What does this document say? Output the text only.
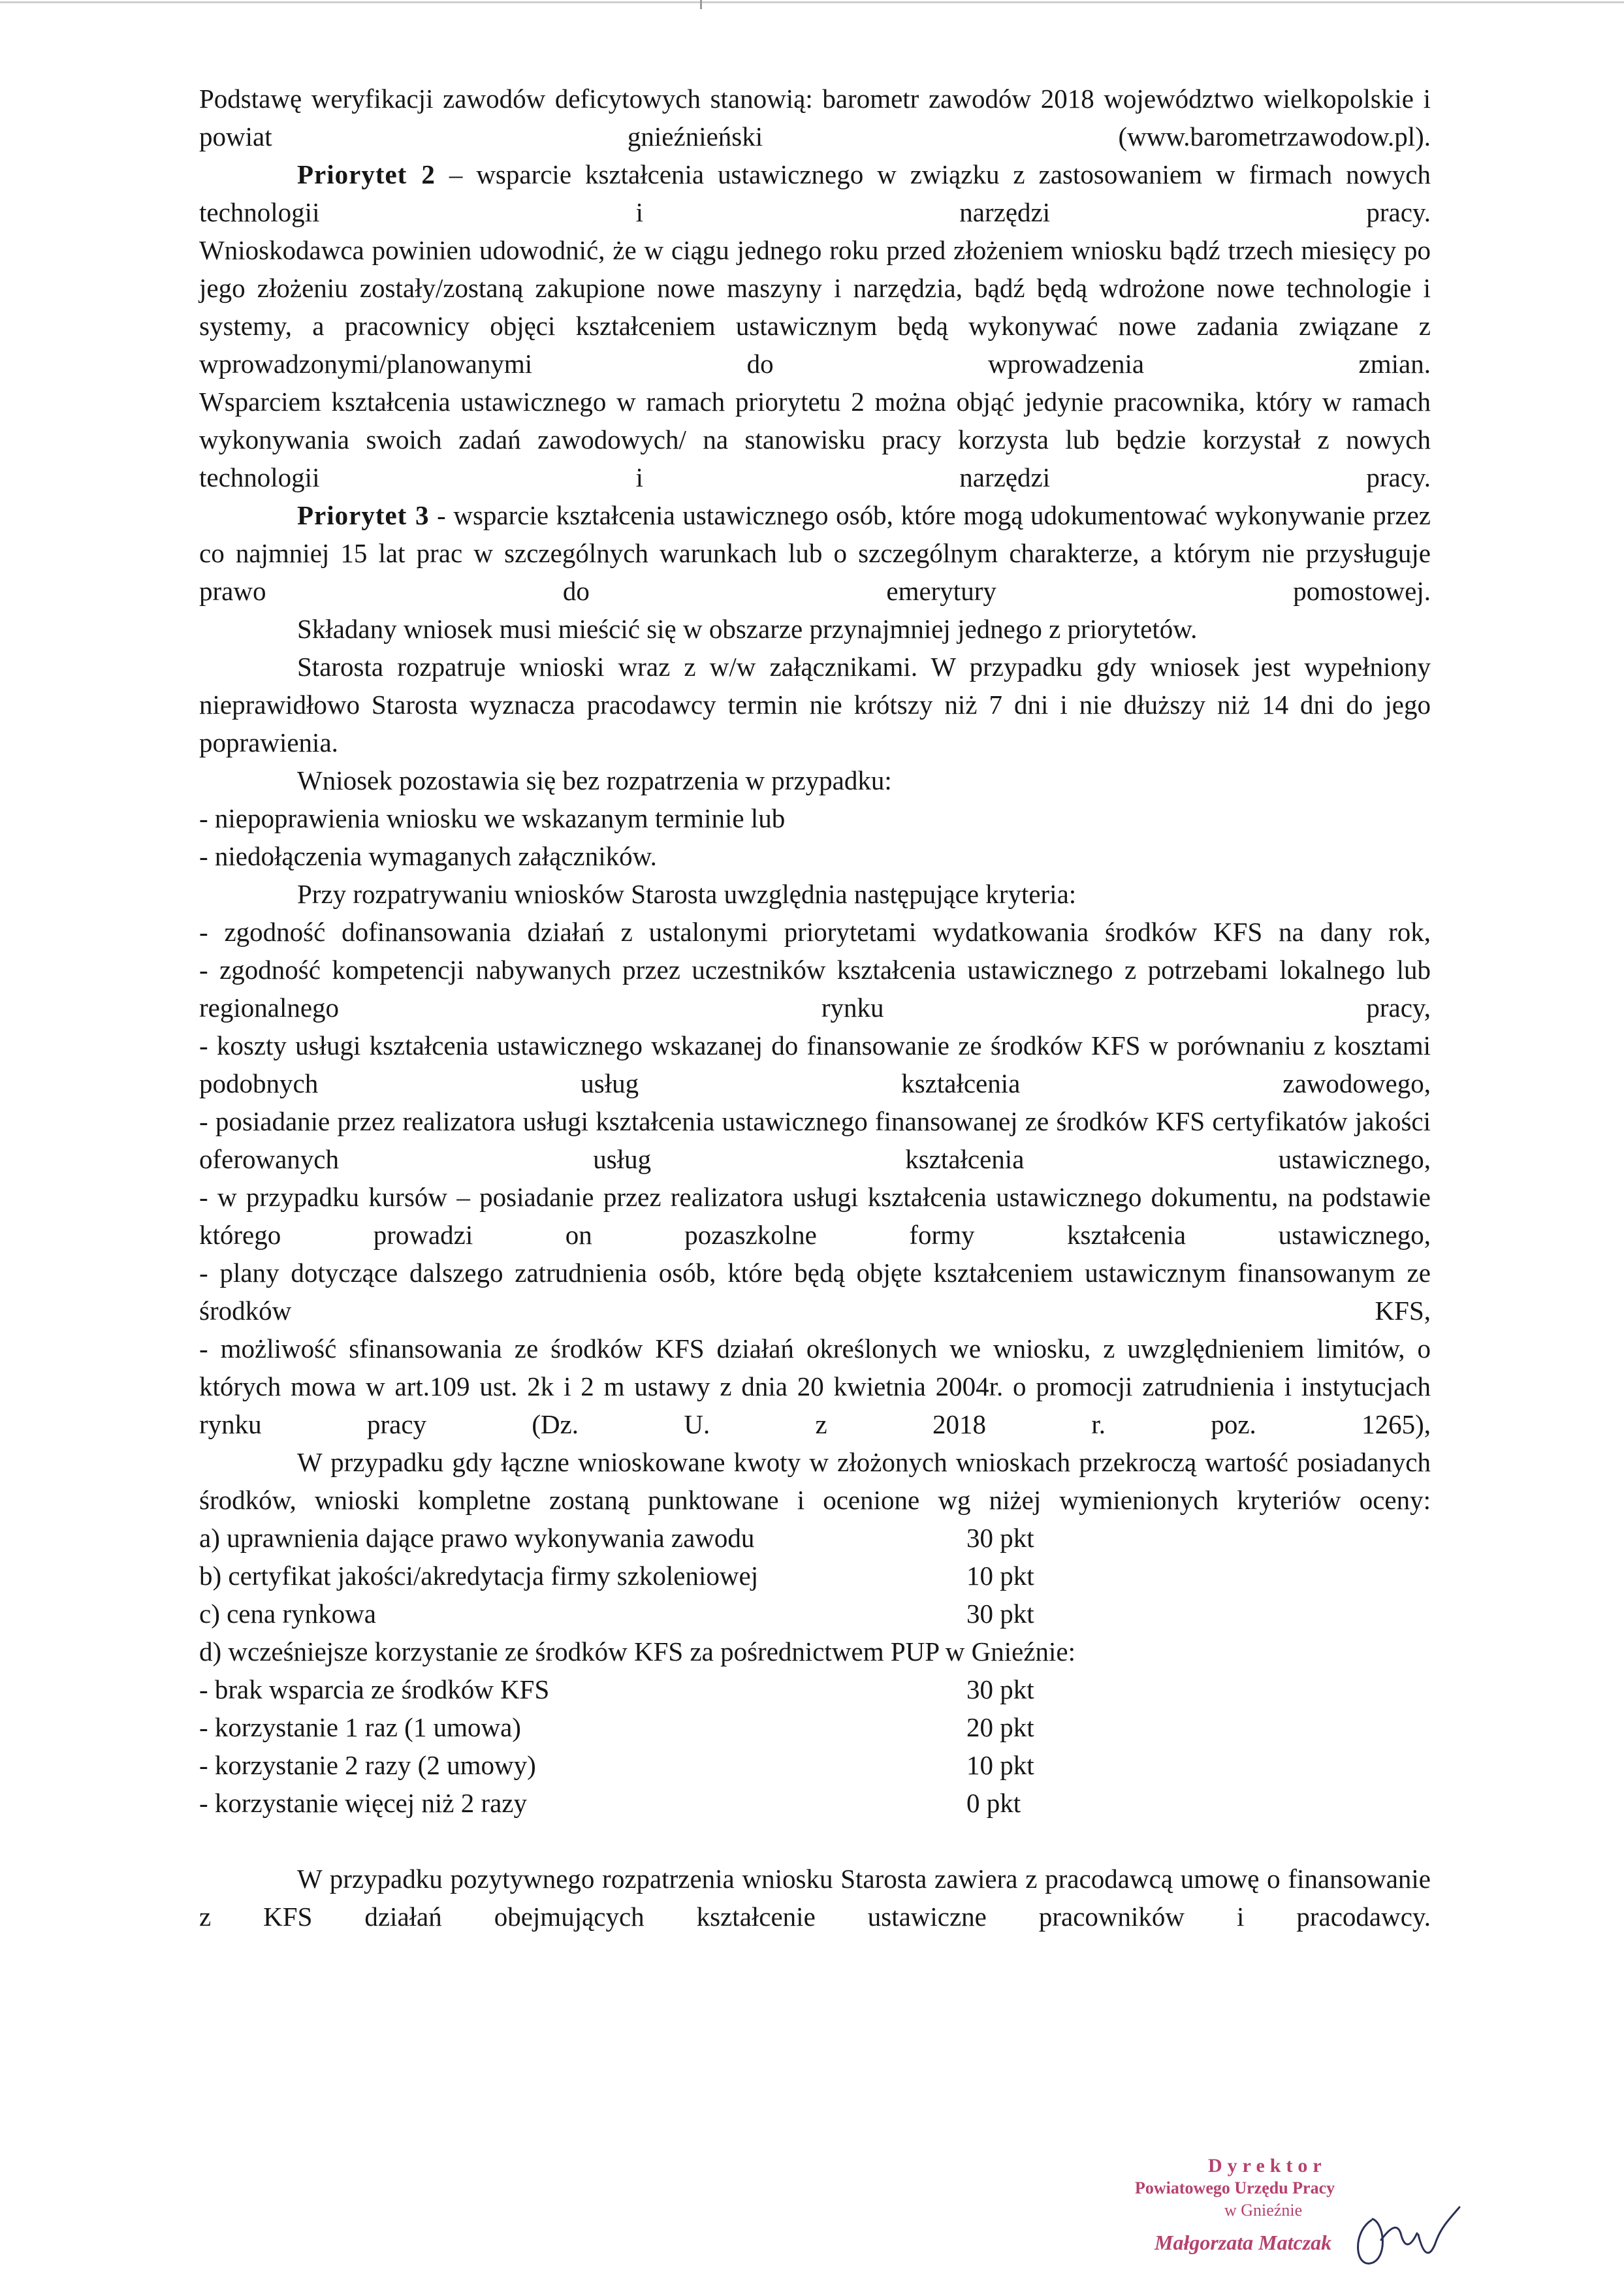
Podstawę weryfikacji zawodów deficytowych stanowią: barometr zawodów 2018 województwo wielkopolskie i powiat gnieźnieński (www.barometrzawodow.pl).

Priorytet 2 – wsparcie kształcenia ustawicznego w związku z zastosowaniem w firmach nowych technologii i narzędzi pracy.

Wnioskodawca powinien udowodnić, że w ciągu jednego roku przed złożeniem wniosku bądź trzech miesięcy po jego złożeniu zostały/zostaną zakupione nowe maszyny i narzędzia, bądź będą wdrożone nowe technologie i systemy, a pracownicy objęci kształceniem ustawicznym będą wykonywać nowe zadania związane z wprowadzonymi/planowanymi do wprowadzenia zmian.

Wsparciem kształcenia ustawicznego w ramach priorytetu 2 można objąć jedynie pracownika, który w ramach wykonywania swoich zadań zawodowych/ na stanowisku pracy korzysta lub będzie korzystał z nowych technologii i narzędzi pracy.

Priorytet 3 - wsparcie kształcenia ustawicznego osób, które mogą udokumentować wykonywanie przez co najmniej 15 lat prac w szczególnych warunkach lub o szczególnym charakterze, a którym nie przysługuje prawo do emerytury pomostowej.

Składany wniosek musi mieścić się w obszarze przynajmniej jednego z priorytetów.

Starosta rozpatruje wnioski wraz z w/w załącznikami. W przypadku gdy wniosek jest wypełniony nieprawidłowo Starosta wyznacza pracodawcy termin nie krótszy niż 7 dni i nie dłuższy niż 14 dni do jego poprawienia.

Wniosek pozostawia się bez rozpatrzenia w przypadku:

- niepoprawienia wniosku we wskazanym terminie lub

- niedołączenia wymaganych załączników.

Przy rozpatrywaniu wniosków Starosta uwzględnia następujące kryteria:

- zgodność dofinansowania działań z ustalonymi priorytetami wydatkowania środków KFS na dany rok,

- zgodność kompetencji nabywanych przez uczestników kształcenia ustawicznego z potrzebami lokalnego lub regionalnego rynku pracy,

- koszty usługi kształcenia ustawicznego wskazanej do finansowanie ze środków KFS w porównaniu z kosztami podobnych usług kształcenia zawodowego,

- posiadanie przez realizatora usługi kształcenia ustawicznego finansowanej ze środków KFS certyfikatów jakości oferowanych usług kształcenia ustawicznego,

- w przypadku kursów – posiadanie przez realizatora usługi kształcenia ustawicznego dokumentu, na podstawie którego prowadzi on pozaszkolne formy kształcenia ustawicznego,

- plany dotyczące dalszego zatrudnienia osób, które będą objęte kształceniem ustawicznym finansowanym ze środków KFS,

- możliwość sfinansowania ze środków KFS działań określonych we wniosku, z uwzględnieniem limitów, o których mowa w art.109 ust. 2k i 2 m ustawy z dnia 20 kwietnia 2004r. o promocji zatrudnienia i instytucjach rynku pracy (Dz. U. z 2018 r. poz. 1265),

W przypadku gdy łączne wnioskowane kwoty w złożonych wnioskach przekroczą wartość posiadanych środków, wnioski kompletne zostaną punktowane i ocenione wg niżej wymienionych kryteriów oceny:

a) uprawnienia dające prawo wykonywania zawodu	30 pkt
b) certyfikat jakości/akredytacja firmy szkoleniowej	10 pkt
c) cena rynkowa	30 pkt

d) wcześniejsze korzystanie ze środków KFS za pośrednictwem PUP w Gnieźnie:

- brak wsparcia ze środków KFS	30 pkt
- korzystanie 1 raz (1 umowa)	20 pkt
- korzystanie 2 razy (2 umowy)	10 pkt
- korzystanie więcej niż 2 razy	0 pkt

W przypadku pozytywnego rozpatrzenia wniosku Starosta zawiera z pracodawcą umowę o finansowanie z KFS działań obejmujących kształcenie ustawiczne pracowników i pracodawcy.

Dyrektor
Powiatowego Urzędu Pracy
w Gnieźnie
Małgorzata Matczak
